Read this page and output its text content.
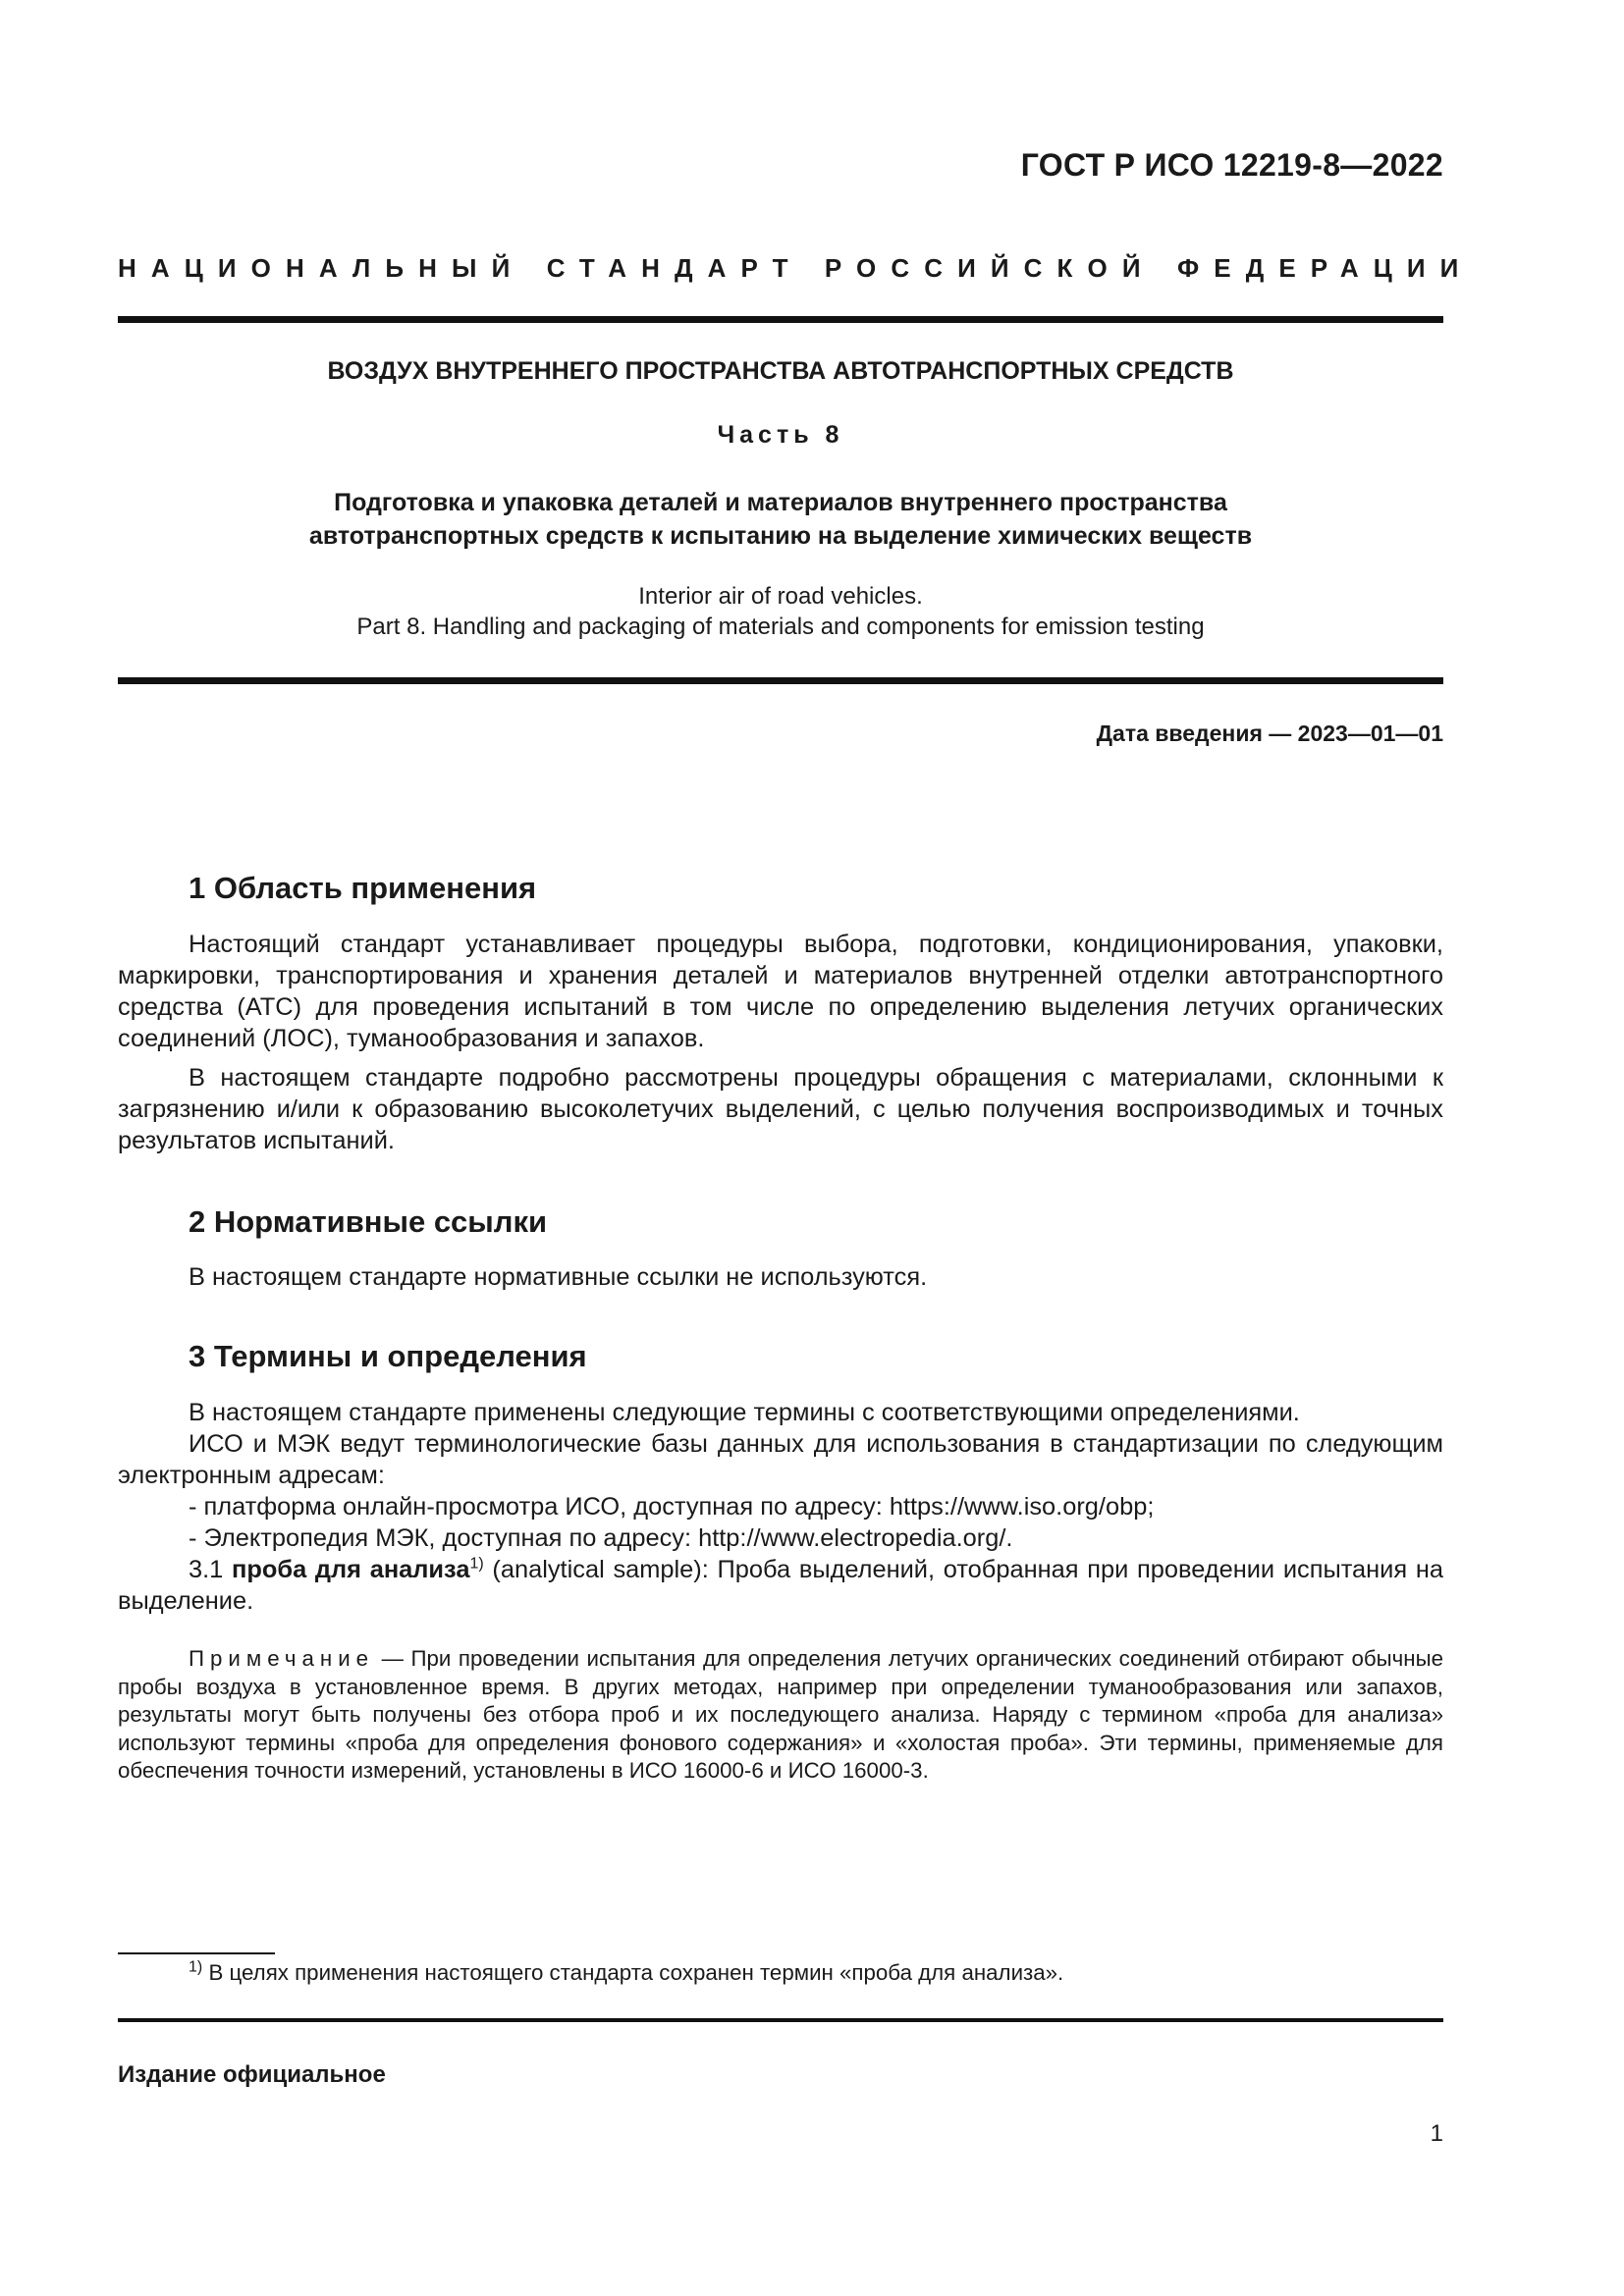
ГОСТ Р ИСО 12219-8—2022
НАЦИОНАЛЬНЫЙ СТАНДАРТ РОССИЙСКОЙ ФЕДЕРАЦИИ
ВОЗДУХ ВНУТРЕННЕГО ПРОСТРАНСТВА АВТОТРАНСПОРТНЫХ СРЕДСТВ
Часть 8
Подготовка и упаковка деталей и материалов внутреннего пространства
автотранспортных средств к испытанию на выделение химических веществ
Interior air of road vehicles.
Part 8. Handling and packaging of materials and components for emission testing
Дата введения — 2023—01—01
1 Область применения

Настоящий стандарт устанавливает процедуры выбора, подготовки, кондиционирования, упаковки, маркировки, транспортирования и хранения деталей и материалов внутренней отделки автотранспортного средства (АТС) для проведения испытаний в том числе по определению выделения летучих органических соединений (ЛОС), туманообразования и запахов.

В настоящем стандарте подробно рассмотрены процедуры обращения с материалами, склонными к загрязнению и/или к образованию высоколетучих выделений, с целью получения воспроизводимых и точных результатов испытаний.

2 Нормативные ссылки

В настоящем стандарте нормативные ссылки не используются.

3 Термины и определения

В настоящем стандарте применены следующие термины с соответствующими определениями.

ИСО и МЭК ведут терминологические базы данных для использования в стандартизации по следующим электронным адресам:

- платформа онлайн-просмотра ИСО, доступная по адресу: https://www.iso.org/obp;

- Электропедия МЭК, доступная по адресу: http://www.electropedia.org/.

3.1 проба для анализа$^{1)}$ (analytical sample): Проба выделений, отобранная при проведении испытания на выделение.

Примечание — При проведении испытания для определения летучих органических соединений отбирают обычные пробы воздуха в установленное время. В других методах, например при определении туманообразования или запахов, результаты могут быть получены без отбора проб и их последующего анализа. Наряду с термином «проба для анализа» используют термины «проба для определения фонового содержания» и «холостая проба». Эти термины, применяемые для обеспечения точности измерений, установлены в ИСО 16000-6 и ИСО 16000-3.

$^{1)}$ В целях применения настоящего стандарта сохранен термин «проба для анализа».

Издание официальное
1
